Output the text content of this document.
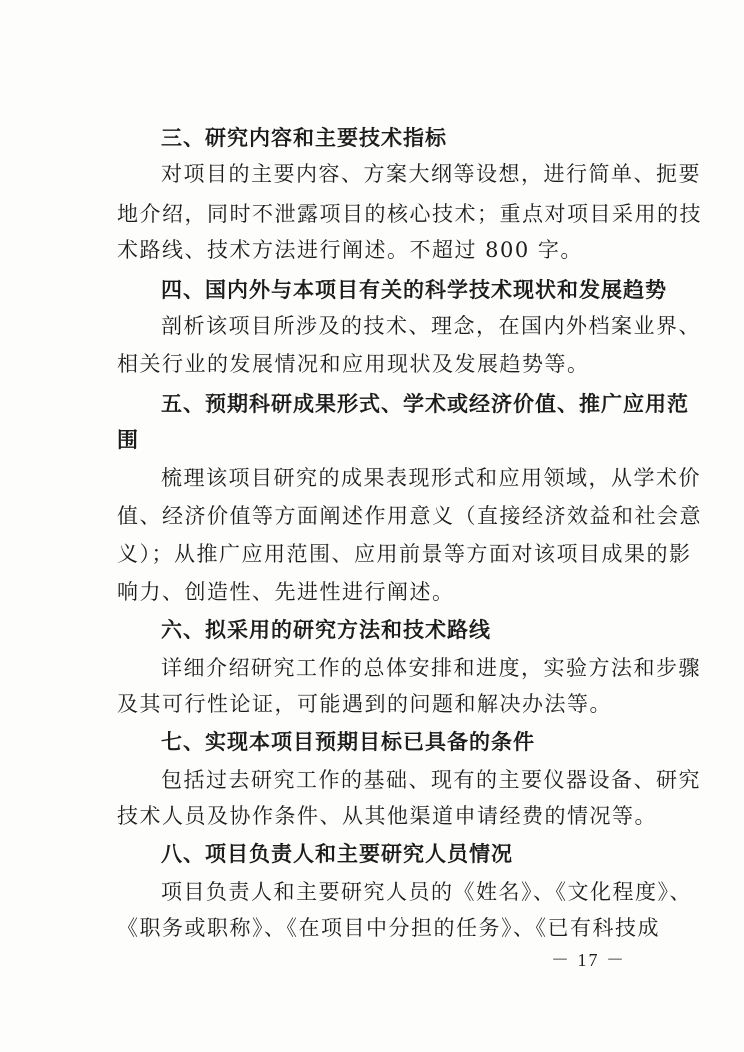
三、研究内容和主要技术指标
对项目的主要内容、方案大纲等设想，进行简单、扼要
地介绍，同时不泄露项目的核心技术；重点对项目采用的技
术路线、技术方法进行阐述。不超过 800 字。
四、国内外与本项目有关的科学技术现状和发展趋势
剖析该项目所涉及的技术、理念，在国内外档案业界、
相关行业的发展情况和应用现状及发展趋势等。
五、预期科研成果形式、学术或经济价值、推广应用范
围
梳理该项目研究的成果表现形式和应用领域，从学术价
值、经济价值等方面阐述作用意义（直接经济效益和社会意
义）；从推广应用范围、应用前景等方面对该项目成果的影
响力、创造性、先进性进行阐述。
六、拟采用的研究方法和技术路线
详细介绍研究工作的总体安排和进度，实验方法和步骤
及其可行性论证，可能遇到的问题和解决办法等。
七、实现本项目预期目标已具备的条件
包括过去研究工作的基础、现有的主要仪器设备、研究
技术人员及协作条件、从其他渠道申请经费的情况等。
八、项目负责人和主要研究人员情况
项目负责人和主要研究人员的《姓名》、《文化程度》、
《职务或职称》、《在项目中分担的任务》、《已有科技成
－ 17 －
